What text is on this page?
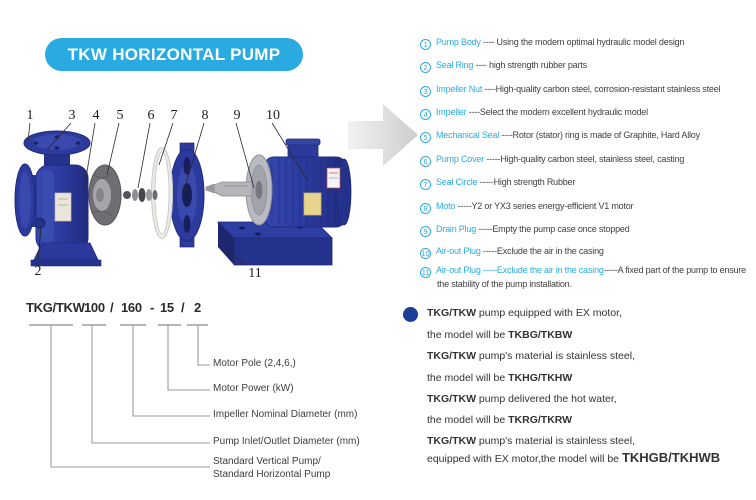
TKW HORIZONTAL PUMP
1	3 4 5 6 7 8 9 10
2	11
1 Pump Body ---- Using the modern optimal hydraulic model design
2 Seal Ring ---- high strength rubber parts
3 Impeller Nut ----High-quality carbon steel, corrosion-resistant stainless steel
4 Impeller ----Select the modern excellent hydraulic model
5 Mechanical Seal ----Rotor (stator) ring is made of Graphite, Hard Alloy
6 Pump Cover -----High-quality carbon steel, stainless steel, casting
7 Seal Circle -----High strength Rubber
8 Moto -----Y2 or YX3 series energy-efficient V1 motor
9 Drain Plug -----Empty the pump case once stopped
10 Air-out Plug -----Exclude the air in the casing
11 Air-out Plug -----Exclude the air in the casing-----A fixed part of the pump to ensure the stability of the pump installation.
TKG/TKW 100 / 160 - 15 / 2
Motor Pole (2,4,6,)
Motor Power (kW)
Impeller Nominal Diameter (mm)
Pump Inlet/Outlet Diameter (mm)
Standard Vertical Pump/
Standard Horizontal Pump
TKG/TKW pump equipped with EX motor,
the model will be TKBG/TKBW
TKG/TKW pump's material is stainless steel,
the model will be TKHG/TKHW
TKG/TKW pump delivered the hot water,
the model will be TKRG/TKRW
TKG/TKW pump's material is stainless steel,
equipped with EX motor,the model will be TKHGB/TKHWB
